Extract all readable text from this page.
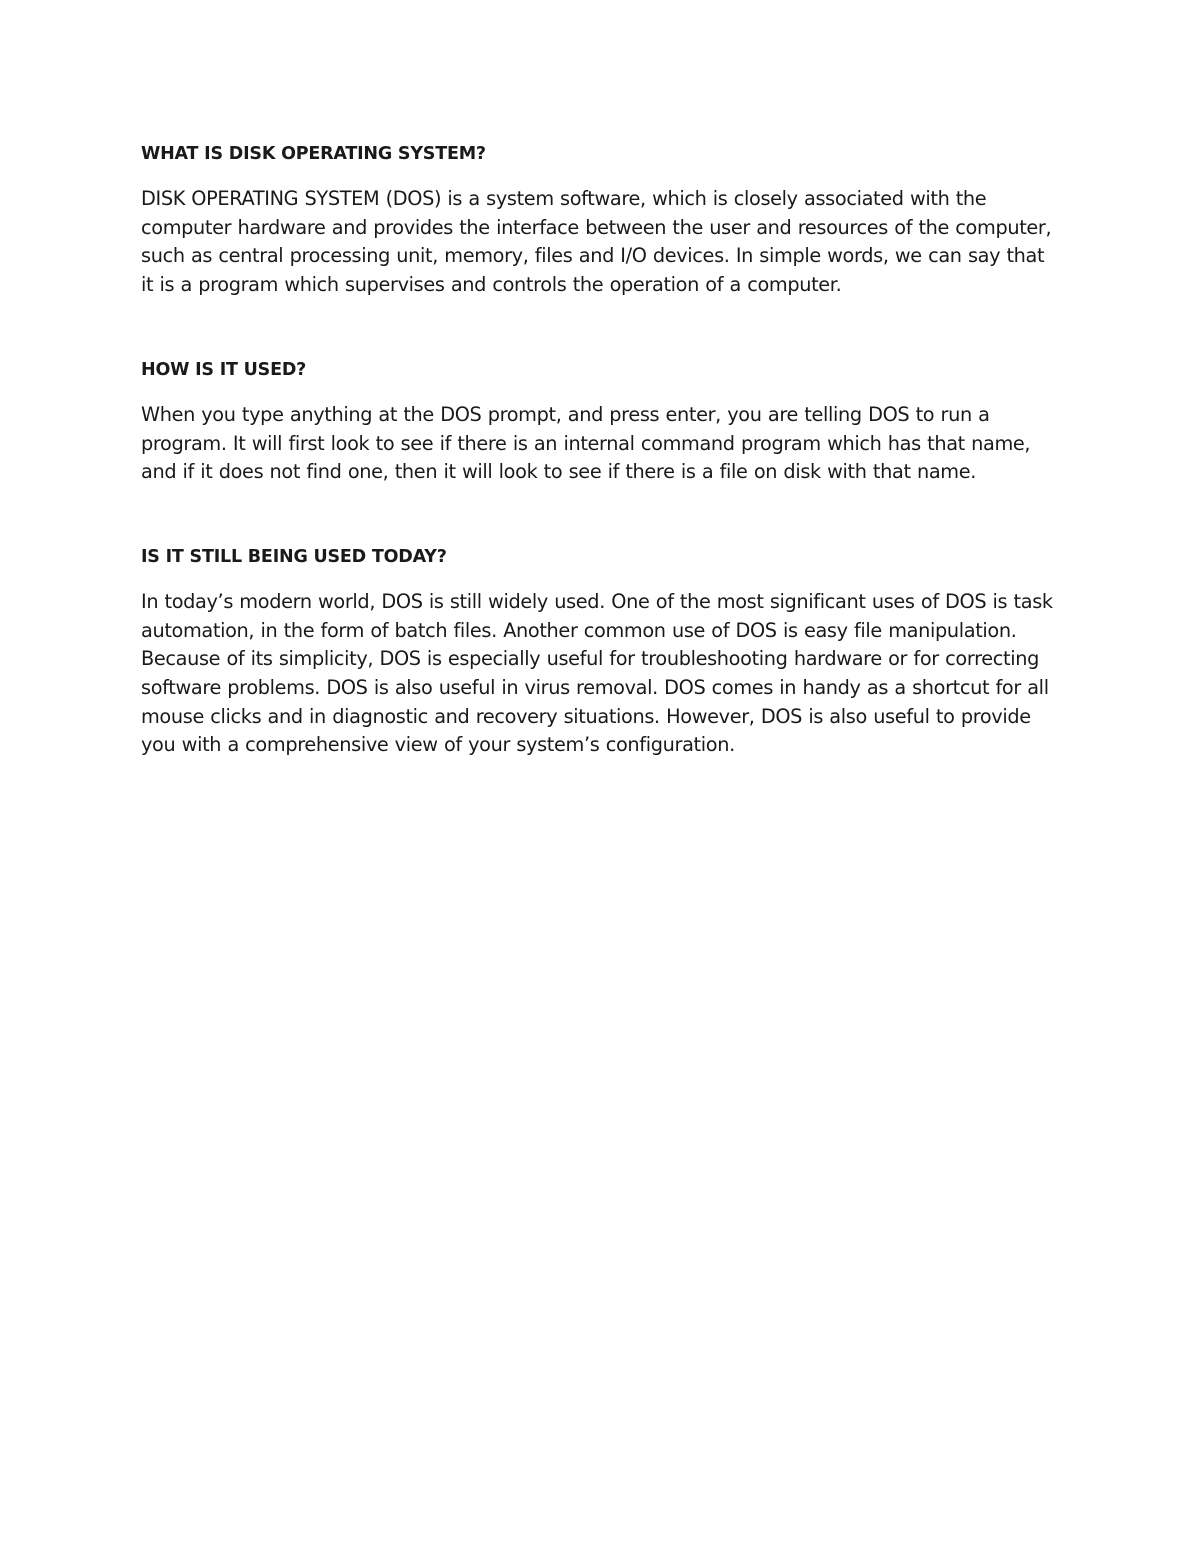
WHAT IS DISK OPERATING SYSTEM?

DISK OPERATING SYSTEM (DOS) is a system software, which is closely associated with the computer hardware and provides the interface between the user and resources of the computer, such as central processing unit, memory, files and I/O devices. In simple words, we can say that it is a program which supervises and controls the operation of a computer.

HOW IS IT USED?

When you type anything at the DOS prompt, and press enter, you are telling DOS to run a program. It will first look to see if there is an internal command program which has that name, and if it does not find one, then it will look to see if there is a file on disk with that name.

IS IT STILL BEING USED TODAY?

In today’s modern world, DOS is still widely used. One of the most significant uses of DOS is task automation, in the form of batch files. Another common use of DOS is easy file manipulation. Because of its simplicity, DOS is especially useful for troubleshooting hardware or for correcting software problems. DOS is also useful in virus removal. DOS comes in handy as a shortcut for all mouse clicks and in diagnostic and recovery situations. However, DOS is also useful to provide you with a comprehensive view of your system’s configuration.
